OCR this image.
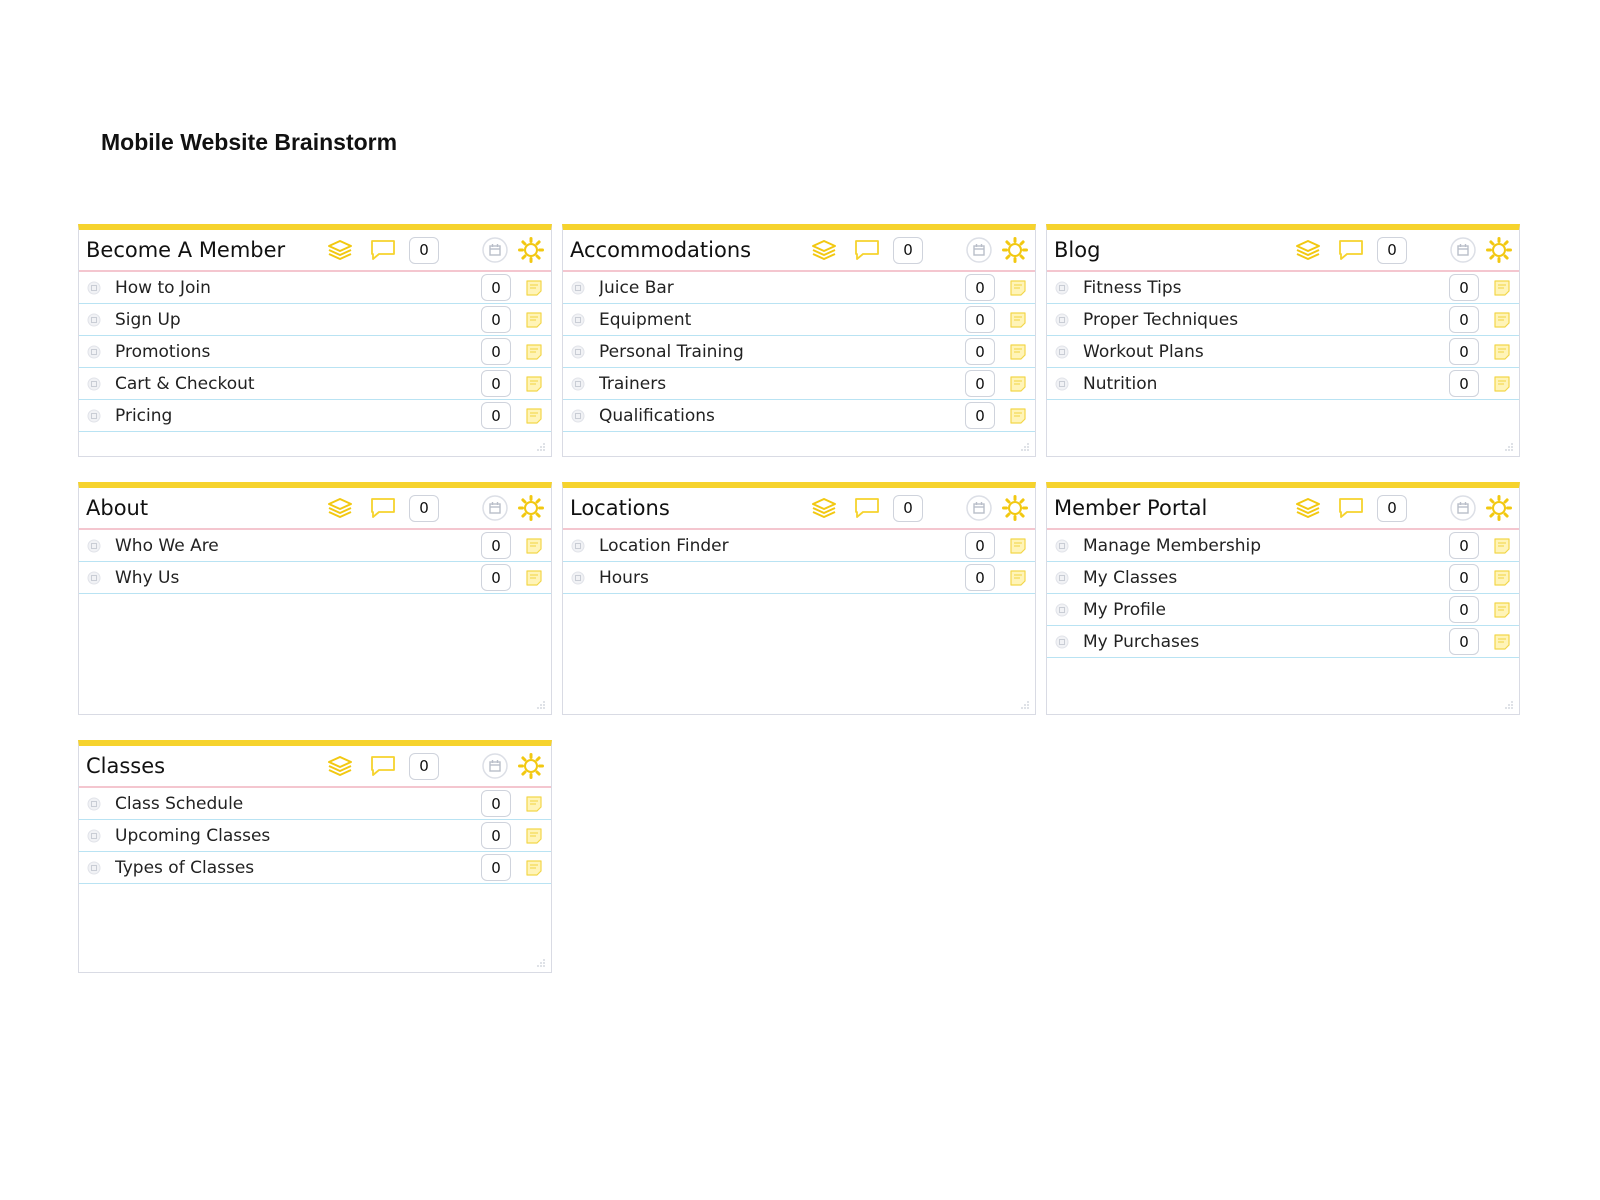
Mobile Website Brainstorm
Become A Member	0
How to Join	0
Sign Up	0
Promotions	0
Cart & Checkout	0
Pricing	0
Accommodations	0
Juice Bar	0
Equipment	0
Personal Training	0
Trainers	0
Qualifications	0
Blog	0
Fitness Tips	0
Proper Techniques	0
Workout Plans	0
Nutrition	0
About	0
Who We Are	0
Why Us	0
Locations	0
Location Finder	0
Hours	0
Member Portal	0
Manage Membership	0
My Classes	0
My Profile	0
My Purchases	0
Classes	0
Class Schedule	0
Upcoming Classes	0
Types of Classes	0
